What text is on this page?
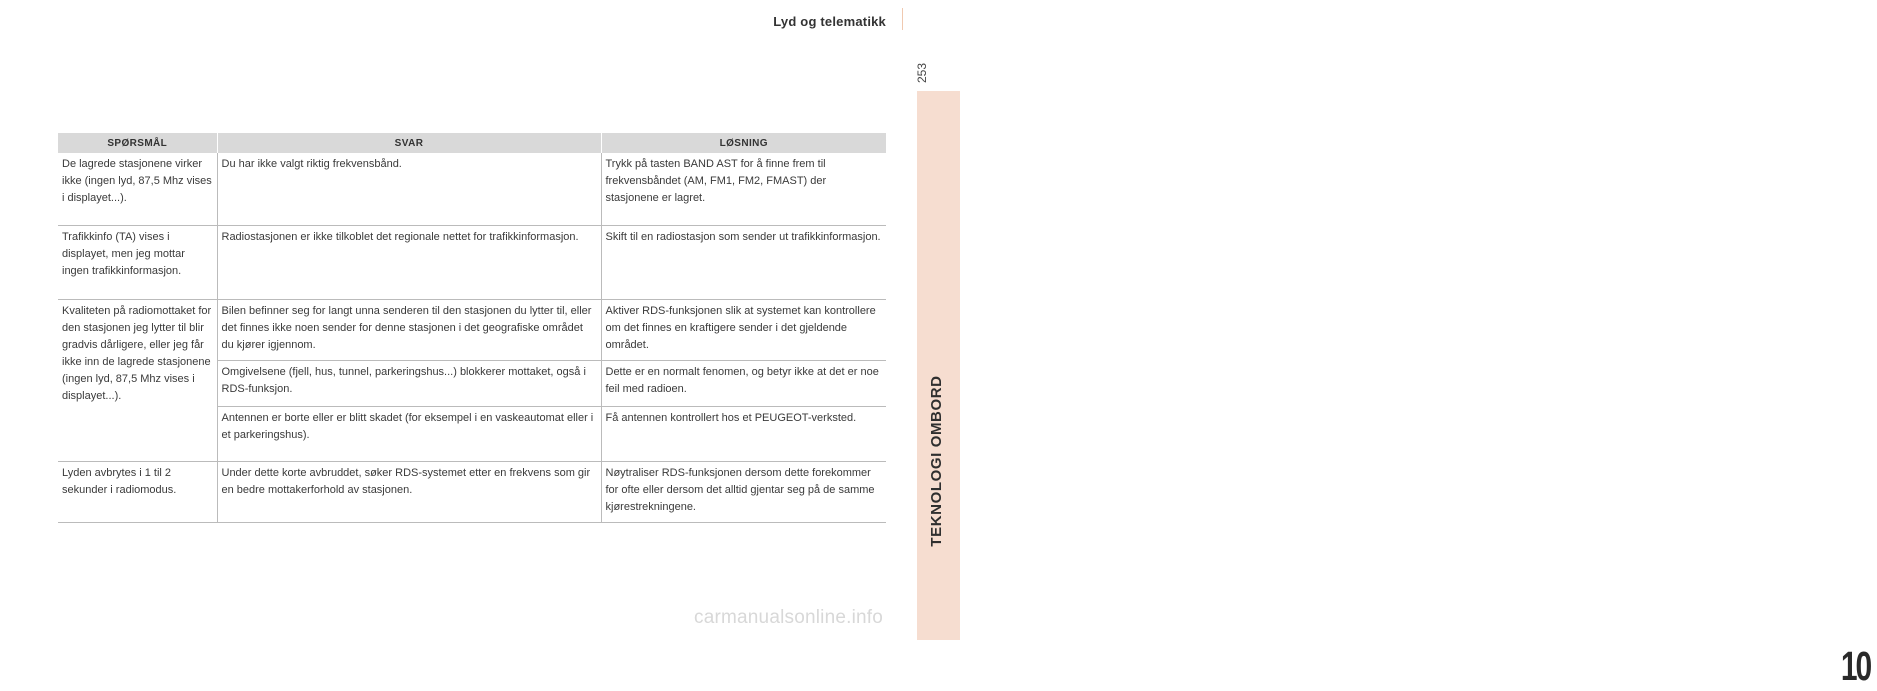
Lyd og telematikk
253
TEKNOLOGI OMBORD
10
SPØRSMÅL	SVAR	LØSNING
De lagrede stasjonene virker ikke (ingen lyd, 87,5 Mhz vises i displayet...).	Du har ikke valgt riktig frekvensbånd.	Trykk på tasten BAND AST for å finne frem til frekvensbåndet (AM, FM1, FM2, FMAST) der stasjonene er lagret.
Trafikkinfo (TA) vises i displayet, men jeg mottar ingen trafikkinformasjon.	Radiostasjonen er ikke tilkoblet det regionale nettet for trafikkinformasjon.	Skift til en radiostasjon som sender ut trafikkinformasjon.
Kvaliteten på radiomottaket for den stasjonen jeg lytter til blir gradvis dårligere, eller jeg får ikke inn de lagrede stasjonene (ingen lyd, 87,5 Mhz vises i displayet...).	Bilen befinner seg for langt unna senderen til den stasjonen du lytter til, eller det finnes ikke noen sender for denne stasjonen i det geografiske området du kjører igjennom.	Aktiver RDS-funksjonen slik at systemet kan kontrollere om det finnes en kraftigere sender i det gjeldende området.
	Omgivelsene (fjell, hus, tunnel, parkeringshus...) blokkerer mottaket, også i RDS-funksjon.	Dette er en normalt fenomen, og betyr ikke at det er noe feil med radioen.
	Antennen er borte eller er blitt skadet (for eksempel i en vaskeautomat eller i et parkeringshus).	Få antennen kontrollert hos et PEUGEOT-verksted.
Lyden avbrytes i 1 til 2 sekunder i radiomodus.	Under dette korte avbruddet, søker RDS-systemet etter en frekvens som gir en bedre mottakerforhold av stasjonen.	Nøytraliser RDS-funksjonen dersom dette forekommer for ofte eller dersom det alltid gjentar seg på de samme kjørestrekningene.
carmanualsonline.info
